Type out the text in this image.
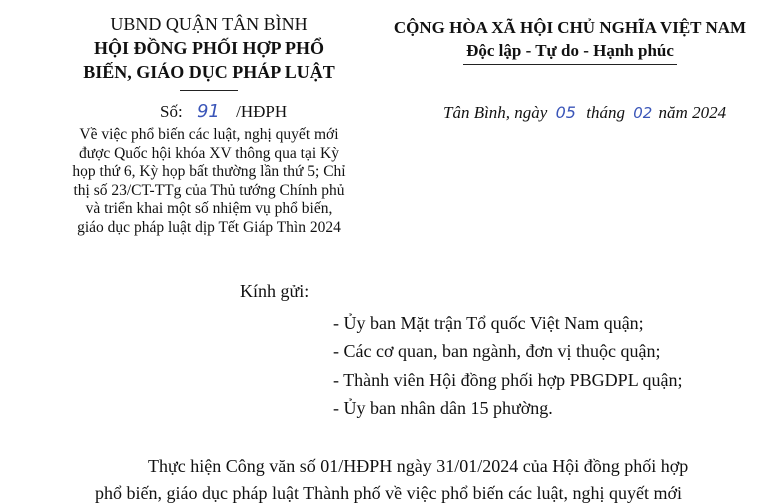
UBND QUẬN TÂN BÌNH
HỘI ĐỒNG PHỐI HỢP PHỔ
BIẾN, GIÁO DỤC PHÁP LUẬT
Số: 91 /HĐPH
Về việc phổ biến các luật, nghị quyết mới
được Quốc hội khóa XV thông qua tại Kỳ
họp thứ 6, Kỳ họp bất thường lần thứ 5; Chỉ
thị số 23/CT-TTg của Thủ tướng Chính phủ
và triển khai một số nhiệm vụ phổ biến,
giáo dục pháp luật dịp Tết Giáp Thìn 2024
CỘNG HÒA XÃ HỘI CHỦ NGHĨA VIỆT NAM
Độc lập - Tự do - Hạnh phúc
Tân Bình, ngày 05 tháng 02 năm 2024
Kính gửi:
- Ủy ban Mặt trận Tổ quốc Việt Nam quận;
- Các cơ quan, ban ngành, đơn vị thuộc quận;
- Thành viên Hội đồng phối hợp PBGDPL quận;
- Ủy ban nhân dân 15 phường.
Thực hiện Công văn số 01/HĐPH ngày 31/01/2024 của Hội đồng phối hợp
phổ biến, giáo dục pháp luật Thành phố về việc phổ biến các luật, nghị quyết mới
